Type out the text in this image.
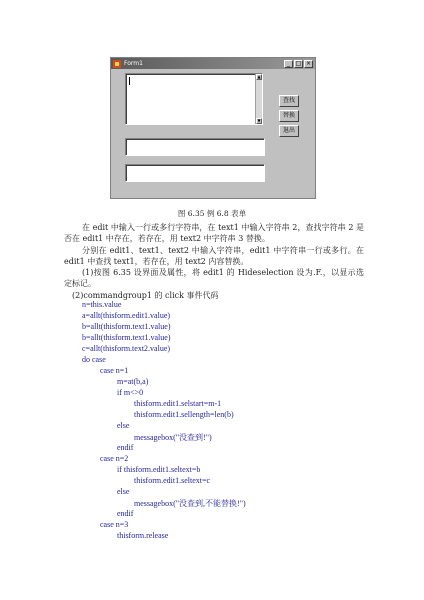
Form1	_ □ ×
▲
▼
查找
替换
退出
图 6.35 例 6.8 表单
在 edit 中输入一行或多行字符串，在 text1 中输入字符串 2，查找字符串 2 是否在 edit1 中存在，若存在，用 text2 中字符串 3 替换。
分别在 edit1、text1、text2 中输入字符串，edit1 中字符串一行或多行。在 edit1 中查找 text1，若存在，用 text2 内容替换。
(1)按图 6.35 设界面及属性，将 edit1 的 Hideselection 设为.F.，以显示选定标记。
(2)commandgroup1 的 click 事件代码
n=this.value
a=allt(thisform.edit1.value)
b=allt(thisform.text1.value)
b=allt(thisform.text1.value)
c=allt(thisform.text2.value)
do case
case n=1
m=at(b,a)
if m<>0
thisform.edit1.selstart=m-1
thisform.edit1.sellength=len(b)
else
messagebox("没查到!")
endif
case n=2
if thisform.edit1.seltext=b
thisform.edit1.seltext=c
else
messagebox("没查到,不能替换!")
endif
case n=3
thisform.release
